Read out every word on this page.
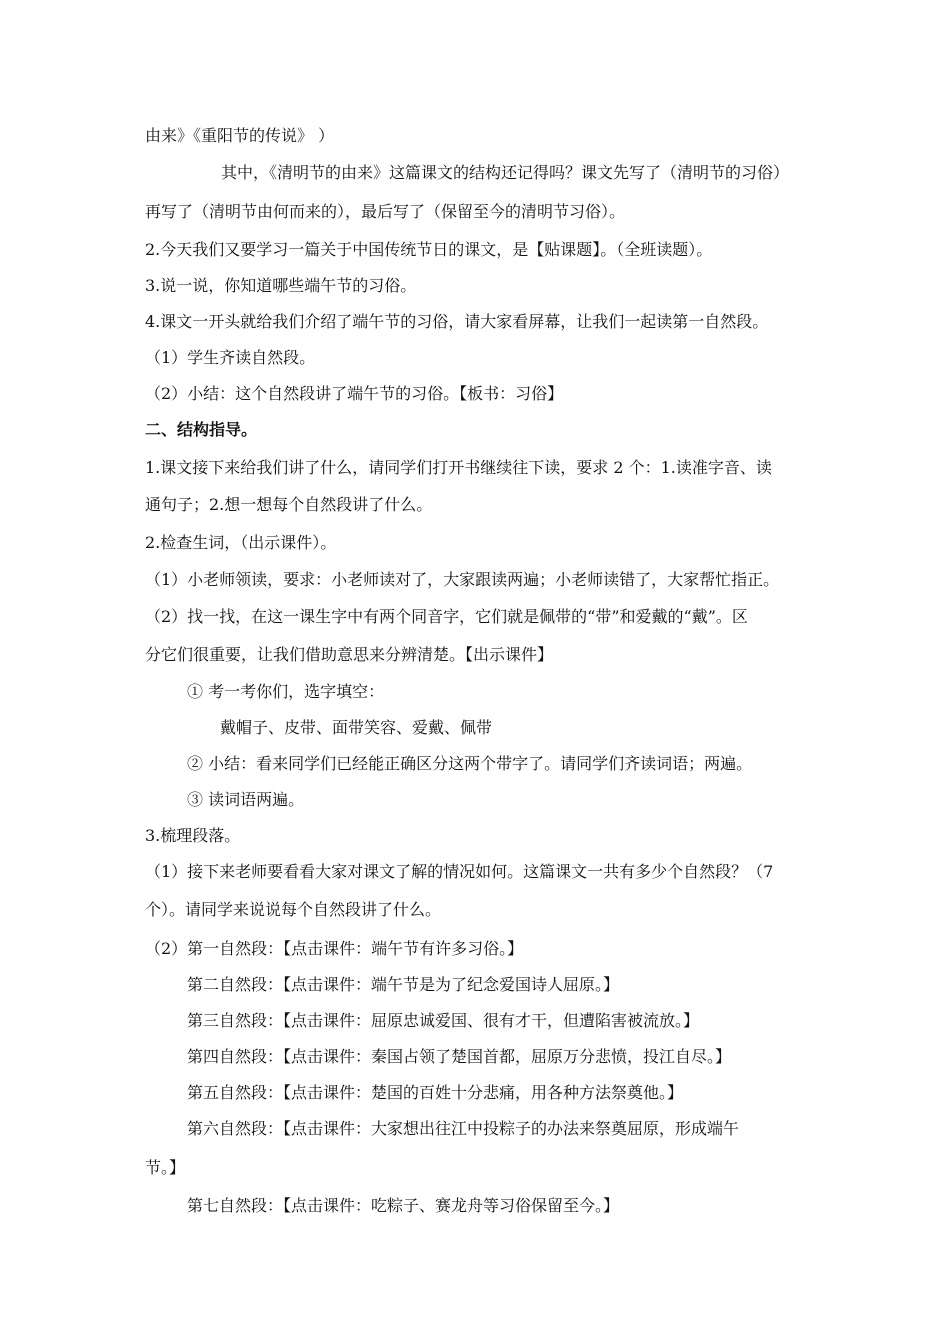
由来》《重阳节的传说》 ）
其中，《清明节的由来》这篇课文的结构还记得吗？课文先写了（清明节的习俗）
再写了（清明节由何而来的），最后写了（保留至今的清明节习俗）。
2.今天我们又要学习一篇关于中国传统节日的课文，是【贴课题】。（全班读题）。
3.说一说，你知道哪些端午节的习俗。
4.课文一开头就给我们介绍了端午节的习俗，请大家看屏幕，让我们一起读第一自然段。
（1）学生齐读自然段。
（2）小结：这个自然段讲了端午节的习俗。【板书：习俗】
二、结构指导。
1.课文接下来给我们讲了什么，请同学们打开书继续往下读，要求 2 个：1.读准字音、读
通句子；2.想一想每个自然段讲了什么。
2.检查生词，（出示课件）。
（1）小老师领读，要求：小老师读对了，大家跟读两遍；小老师读错了，大家帮忙指正。
（2）找一找，在这一课生字中有两个同音字，它们就是佩带的“带”和爱戴的“戴”。区
分它们很重要，让我们借助意思来分辨清楚。【出示课件】
① 考一考你们，选字填空：
戴帽子、皮带、面带笑容、爱戴、佩带
② 小结：看来同学们已经能正确区分这两个带字了。请同学们齐读词语；两遍。
③ 读词语两遍。
3.梳理段落。
（1）接下来老师要看看大家对课文了解的情况如何。这篇课文一共有多少个自然段？（7
个）。请同学来说说每个自然段讲了什么。
（2）第一自然段：【点击课件：端午节有许多习俗。】
第二自然段：【点击课件：端午节是为了纪念爱国诗人屈原。】
第三自然段：【点击课件：屈原忠诚爱国、很有才干，但遭陷害被流放。】
第四自然段：【点击课件：秦国占领了楚国首都，屈原万分悲愤，投江自尽。】
第五自然段：【点击课件：楚国的百姓十分悲痛，用各种方法祭奠他。】
第六自然段：【点击课件：大家想出往江中投粽子的办法来祭奠屈原，形成端午
节。】
第七自然段：【点击课件：吃粽子、赛龙舟等习俗保留至今。】
